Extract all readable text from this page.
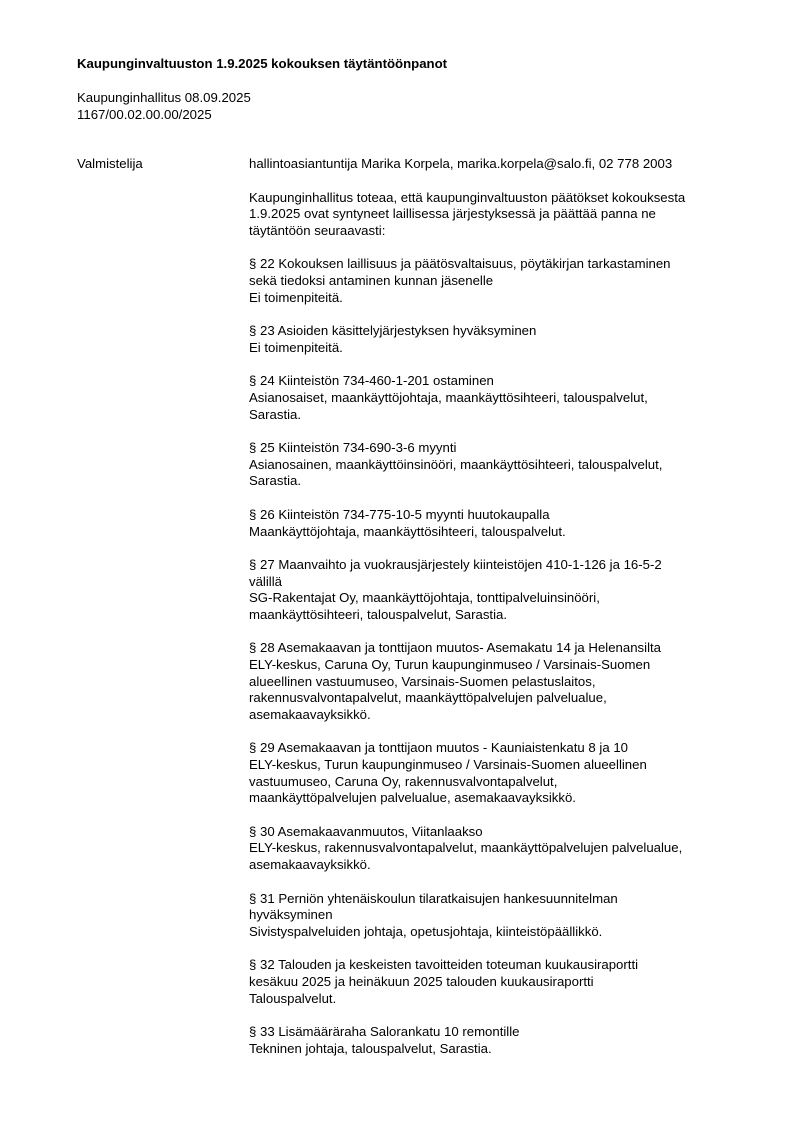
Kaupunginvaltuuston 1.9.2025 kokouksen täytäntöönpanot
Kaupunginhallitus 08.09.2025
1167/00.02.00.00/2025
Valmistelija	hallintoasiantuntija Marika Korpela, marika.korpela@salo.fi, 02 778 2003
Kaupunginhallitus toteaa, että kaupunginvaltuuston päätökset kokouksesta
1.9.2025 ovat syntyneet laillisessa järjestyksessä ja päättää panna ne
täytäntöön seuraavasti:
§ 22 Kokouksen laillisuus ja päätösvaltaisuus, pöytäkirjan tarkastaminen
sekä tiedoksi antaminen kunnan jäsenelle
Ei toimenpiteitä.
§ 23 Asioiden käsittelyjärjestyksen hyväksyminen
Ei toimenpiteitä.
§ 24 Kiinteistön 734-460-1-201 ostaminen
Asianosaiset, maankäyttöjohtaja, maankäyttösihteeri, talouspalvelut,
Sarastia.
§ 25 Kiinteistön 734-690-3-6 myynti
Asianosainen, maankäyttöinsinööri, maankäyttösihteeri, talouspalvelut,
Sarastia.
§ 26 Kiinteistön 734-775-10-5 myynti huutokaupalla
Maankäyttöjohtaja, maankäyttösihteeri, talouspalvelut.
§ 27 Maanvaihto ja vuokrausjärjestely kiinteistöjen 410-1-126 ja 16-5-2
välillä
SG-Rakentajat Oy, maankäyttöjohtaja, tonttipalveluinsinööri,
maankäyttösihteeri, talouspalvelut, Sarastia.
§ 28 Asemakaavan ja tonttijaon muutos- Asemakatu 14 ja Helenansilta
ELY-keskus, Caruna Oy, Turun kaupunginmuseo / Varsinais-Suomen
alueellinen vastuumuseo, Varsinais-Suomen pelastuslaitos,
rakennusvalvontapalvelut, maankäyttöpalvelujen palvelualue,
asemakaavayksikkö.
§ 29 Asemakaavan ja tonttijaon muutos - Kauniaistenkatu 8 ja 10
ELY-keskus, Turun kaupunginmuseo / Varsinais-Suomen alueellinen
vastuumuseo, Caruna Oy, rakennusvalvontapalvelut,
maankäyttöpalvelujen palvelualue, asemakaavayksikkö.
§ 30 Asemakaavanmuutos, Viitanlaakso
ELY-keskus, rakennusvalvontapalvelut, maankäyttöpalvelujen palvelualue,
asemakaavayksikkö.
§ 31 Perniön yhtenäiskoulun tilaratkaisujen hankesuunnitelman
hyväksyminen
Sivistyspalveluiden johtaja, opetusjohtaja, kiinteistöpäällikkö.
§ 32 Talouden ja keskeisten tavoitteiden toteuman kuukausiraportti
kesäkuu 2025 ja heinäkuun 2025 talouden kuukausiraportti
Talouspalvelut.
§ 33 Lisämääräraha Salorankatu 10 remontille
Tekninen johtaja, talouspalvelut, Sarastia.
